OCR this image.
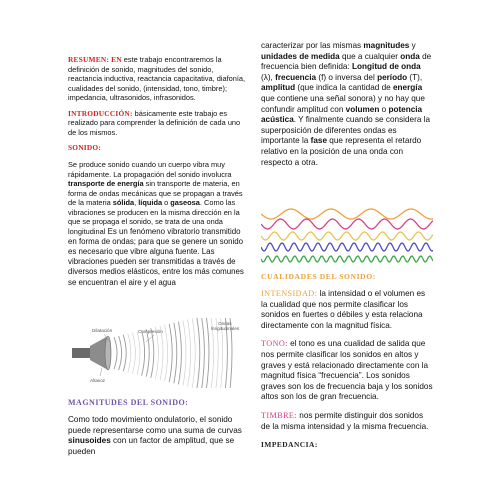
RESUMEN: EN este trabajo encontraremos la definición de sonido, magnitudes del sonido, reactancia inductiva, reactancia capacitativa, diafonía, cualidades del sonido, (intensidad, tono, timbre); impedancia, ultrasonidos, infrasonidos.

INTRODUCCIÓN: básicamente este trabajo es realizado para comprender la definición de cada uno de los mismos.

SONIDO:

Se produce sonido cuando un cuerpo vibra muy rápidamente. La propagación del sonido involucra transporte de energía sin transporte de materia, en forma de ondas mecánicas que se propagan a través de la materia sólida, líquida o gaseosa. Como las vibraciones se producen en la misma dirección en la que se propaga el sonido, se trata de una onda longitudinal Es un fenómeno vibratorio transmitido en forma de ondas; para que se genere un sonido es necesario que vibre alguna fuente. Las vibraciones pueden ser transmitidas a través de diversos medios elásticos, entre los más comunes se encuentran el aire y el agua

Ondas
longitudinales
Compresión
Dilatación
Altavoz
MAGNITUDES DEL SONIDO:

Como todo movimiento ondulatorio, el sonido puede representarse como una suma de curvas sinusoides con un factor de amplitud, que se pueden

caracterizar por las mismas magnitudes y unidades de medida que a cualquier onda de frecuencia bien definida: Longitud de onda (λ), frecuencia (f) o inversa del período (T), amplitud (que indica la cantidad de energía que contiene una señal sonora) y no hay que confundir amplitud con volumen o potencia acústica. Y finalmente cuando se considera la superposición de diferentes ondas es importante la fase que representa el retardo relativo en la posición de una onda con respecto a otra.

CUALIDADES DEL SONIDO:

INTENSIDAD: la intensidad o el volumen es la cualidad que nos permite clasificar los sonidos en fuertes o débiles y esta relaciona directamente con la magnitud física.

TONO: el tono es una cualidad de salida que nos permite clasificar los sonidos en altos y graves y está relacionado directamente con la magnitud física “frecuencia”. Los sonidos graves son los de frecuencia baja y los sonidos altos son los de gran frecuencia.

TIMBRE: nos permite distinguir dos sonidos de la misma intensidad y la misma frecuencia.

IMPEDANCIA:
